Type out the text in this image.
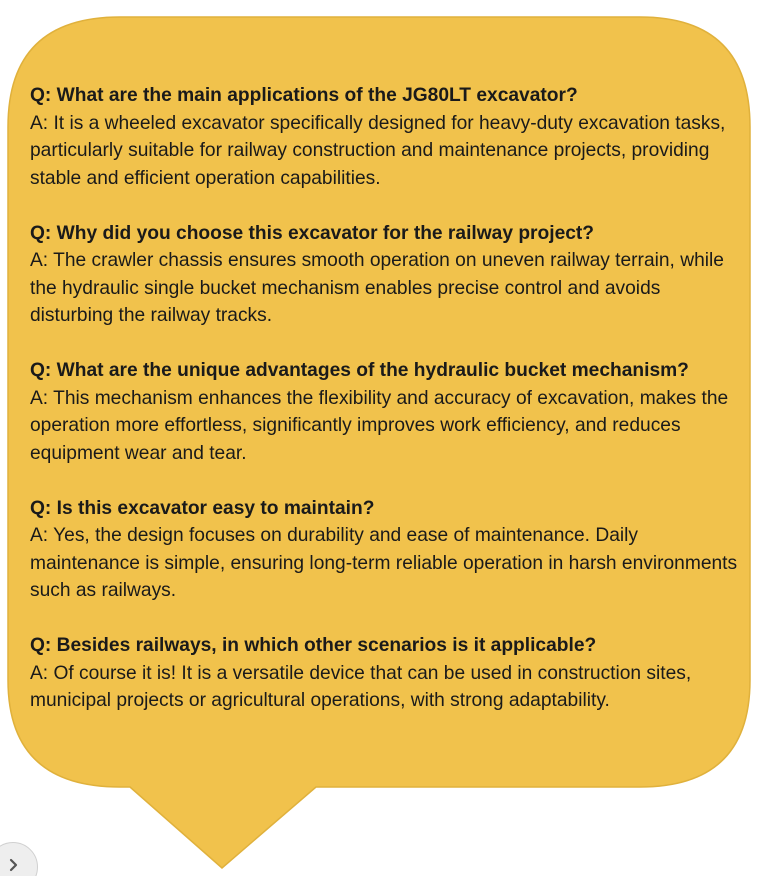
Q: What are the main applications of the JG80LT excavator?
A: It is a wheeled excavator specifically designed for heavy-duty excavation tasks, particularly suitable for railway construction and maintenance projects, providing stable and efficient operation capabilities.
Q: Why did you choose this excavator for the railway project?
A: The crawler chassis ensures smooth operation on uneven railway terrain, while the hydraulic single bucket mechanism enables precise control and avoids disturbing the railway tracks.
Q: What are the unique advantages of the hydraulic bucket mechanism?
A: This mechanism enhances the flexibility and accuracy of excavation, makes the operation more effortless, significantly improves work efficiency, and reduces equipment wear and tear.
Q: Is this excavator easy to maintain?
A: Yes, the design focuses on durability and ease of maintenance. Daily maintenance is simple, ensuring long-term reliable operation in harsh environments such as railways.
Q: Besides railways, in which other scenarios is it applicable?
A: Of course it is! It is a versatile device that can be used in construction sites, municipal projects or agricultural operations, with strong adaptability.
